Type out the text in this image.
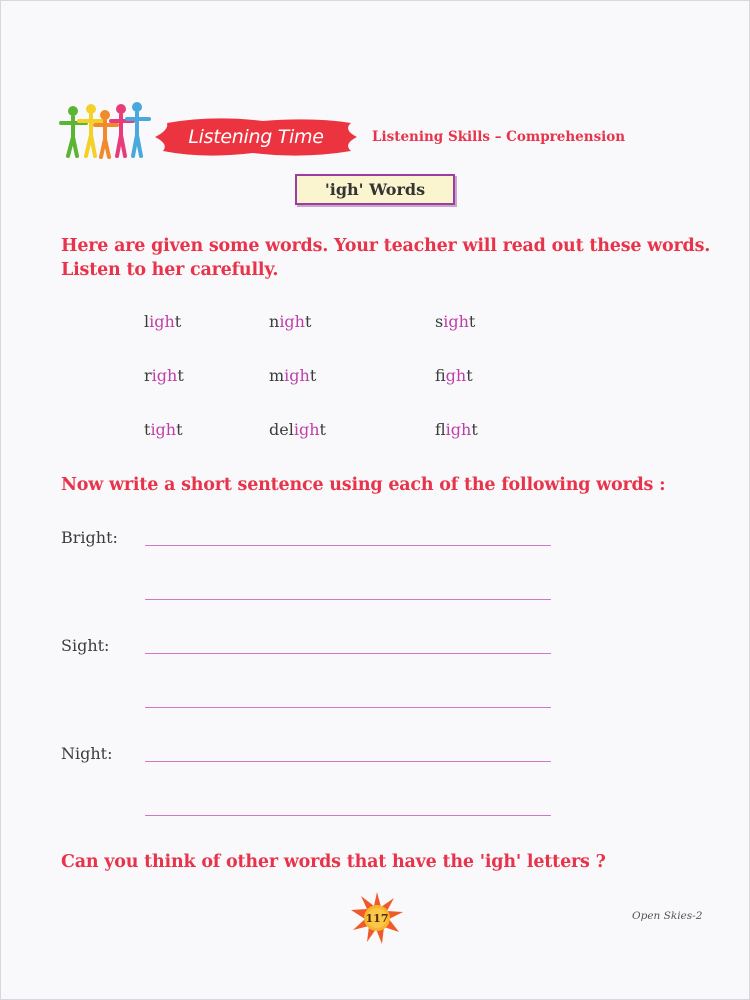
Listening Time	Listening Skills – Comprehension
'igh' Words
Here are given some words. Your teacher will read out these words.
Listen to her carefully.
light	night	sight
right	might	fight
tight	delight	flight
Now write a short sentence using each of the following words :
Bright:
Sight:
Night:
Can you think of other words that have the 'igh' letters ?
117	Open Skies-2
